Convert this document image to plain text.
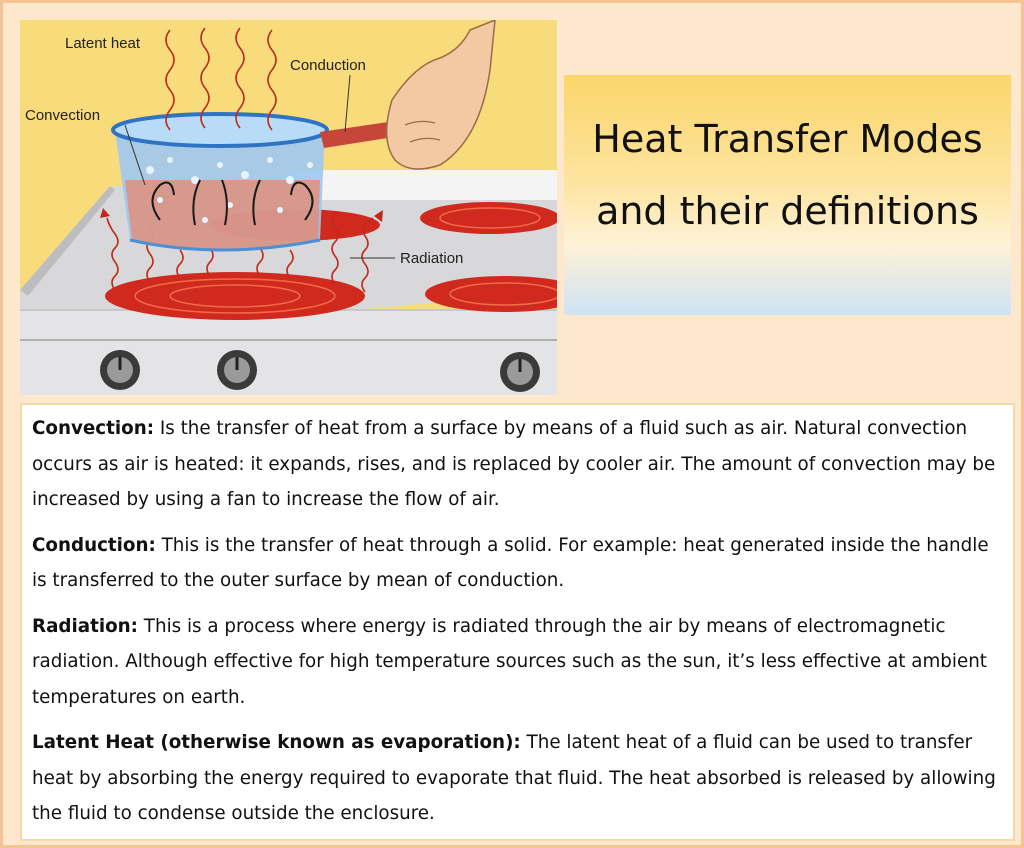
Latent heat
Conduction
Convection
Radiation
Heat Transfer Modes and their definitions

Convection: Is the transfer of heat from a surface by means of a fluid such as air. Natural convection occurs as air is heated: it expands, rises, and is replaced by cooler air. The amount of convection may be increased by using a fan to increase the flow of air.

Conduction: This is the transfer of heat through a solid. For example: heat generated inside the handle is transferred to the outer surface by mean of conduction.

Radiation: This is a process where energy is radiated through the air by means of electromagnetic radiation. Although effective for high temperature sources such as the sun, it’s less effective at ambient temperatures on earth.

Latent Heat (otherwise known as evaporation): The latent heat of a fluid can be used to transfer heat by absorbing the energy required to evaporate that fluid. The heat absorbed is released by allowing the fluid to condense outside the enclosure.
